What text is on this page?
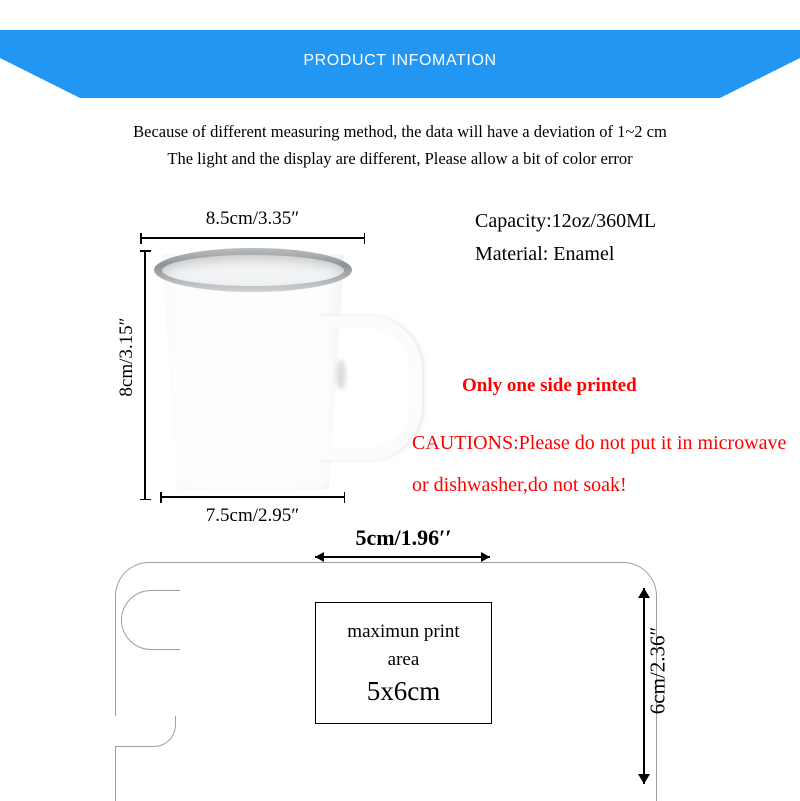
PRODUCT INFOMATION
Because of different measuring method, the data will have a deviation of 1~2 cm
The light and the display are different, Please allow a bit of color error
8.5cm/3.35″
8cm/3.15″
7.5cm/2.95″
Capacity:12oz/360ML
Material: Enamel
Only one side printed
CAUTIONS:Please do not put it in microwave or dishwasher,do not soak!
5cm/1.96′′
maximun print
area
5x6cm	6cm/2.36″
